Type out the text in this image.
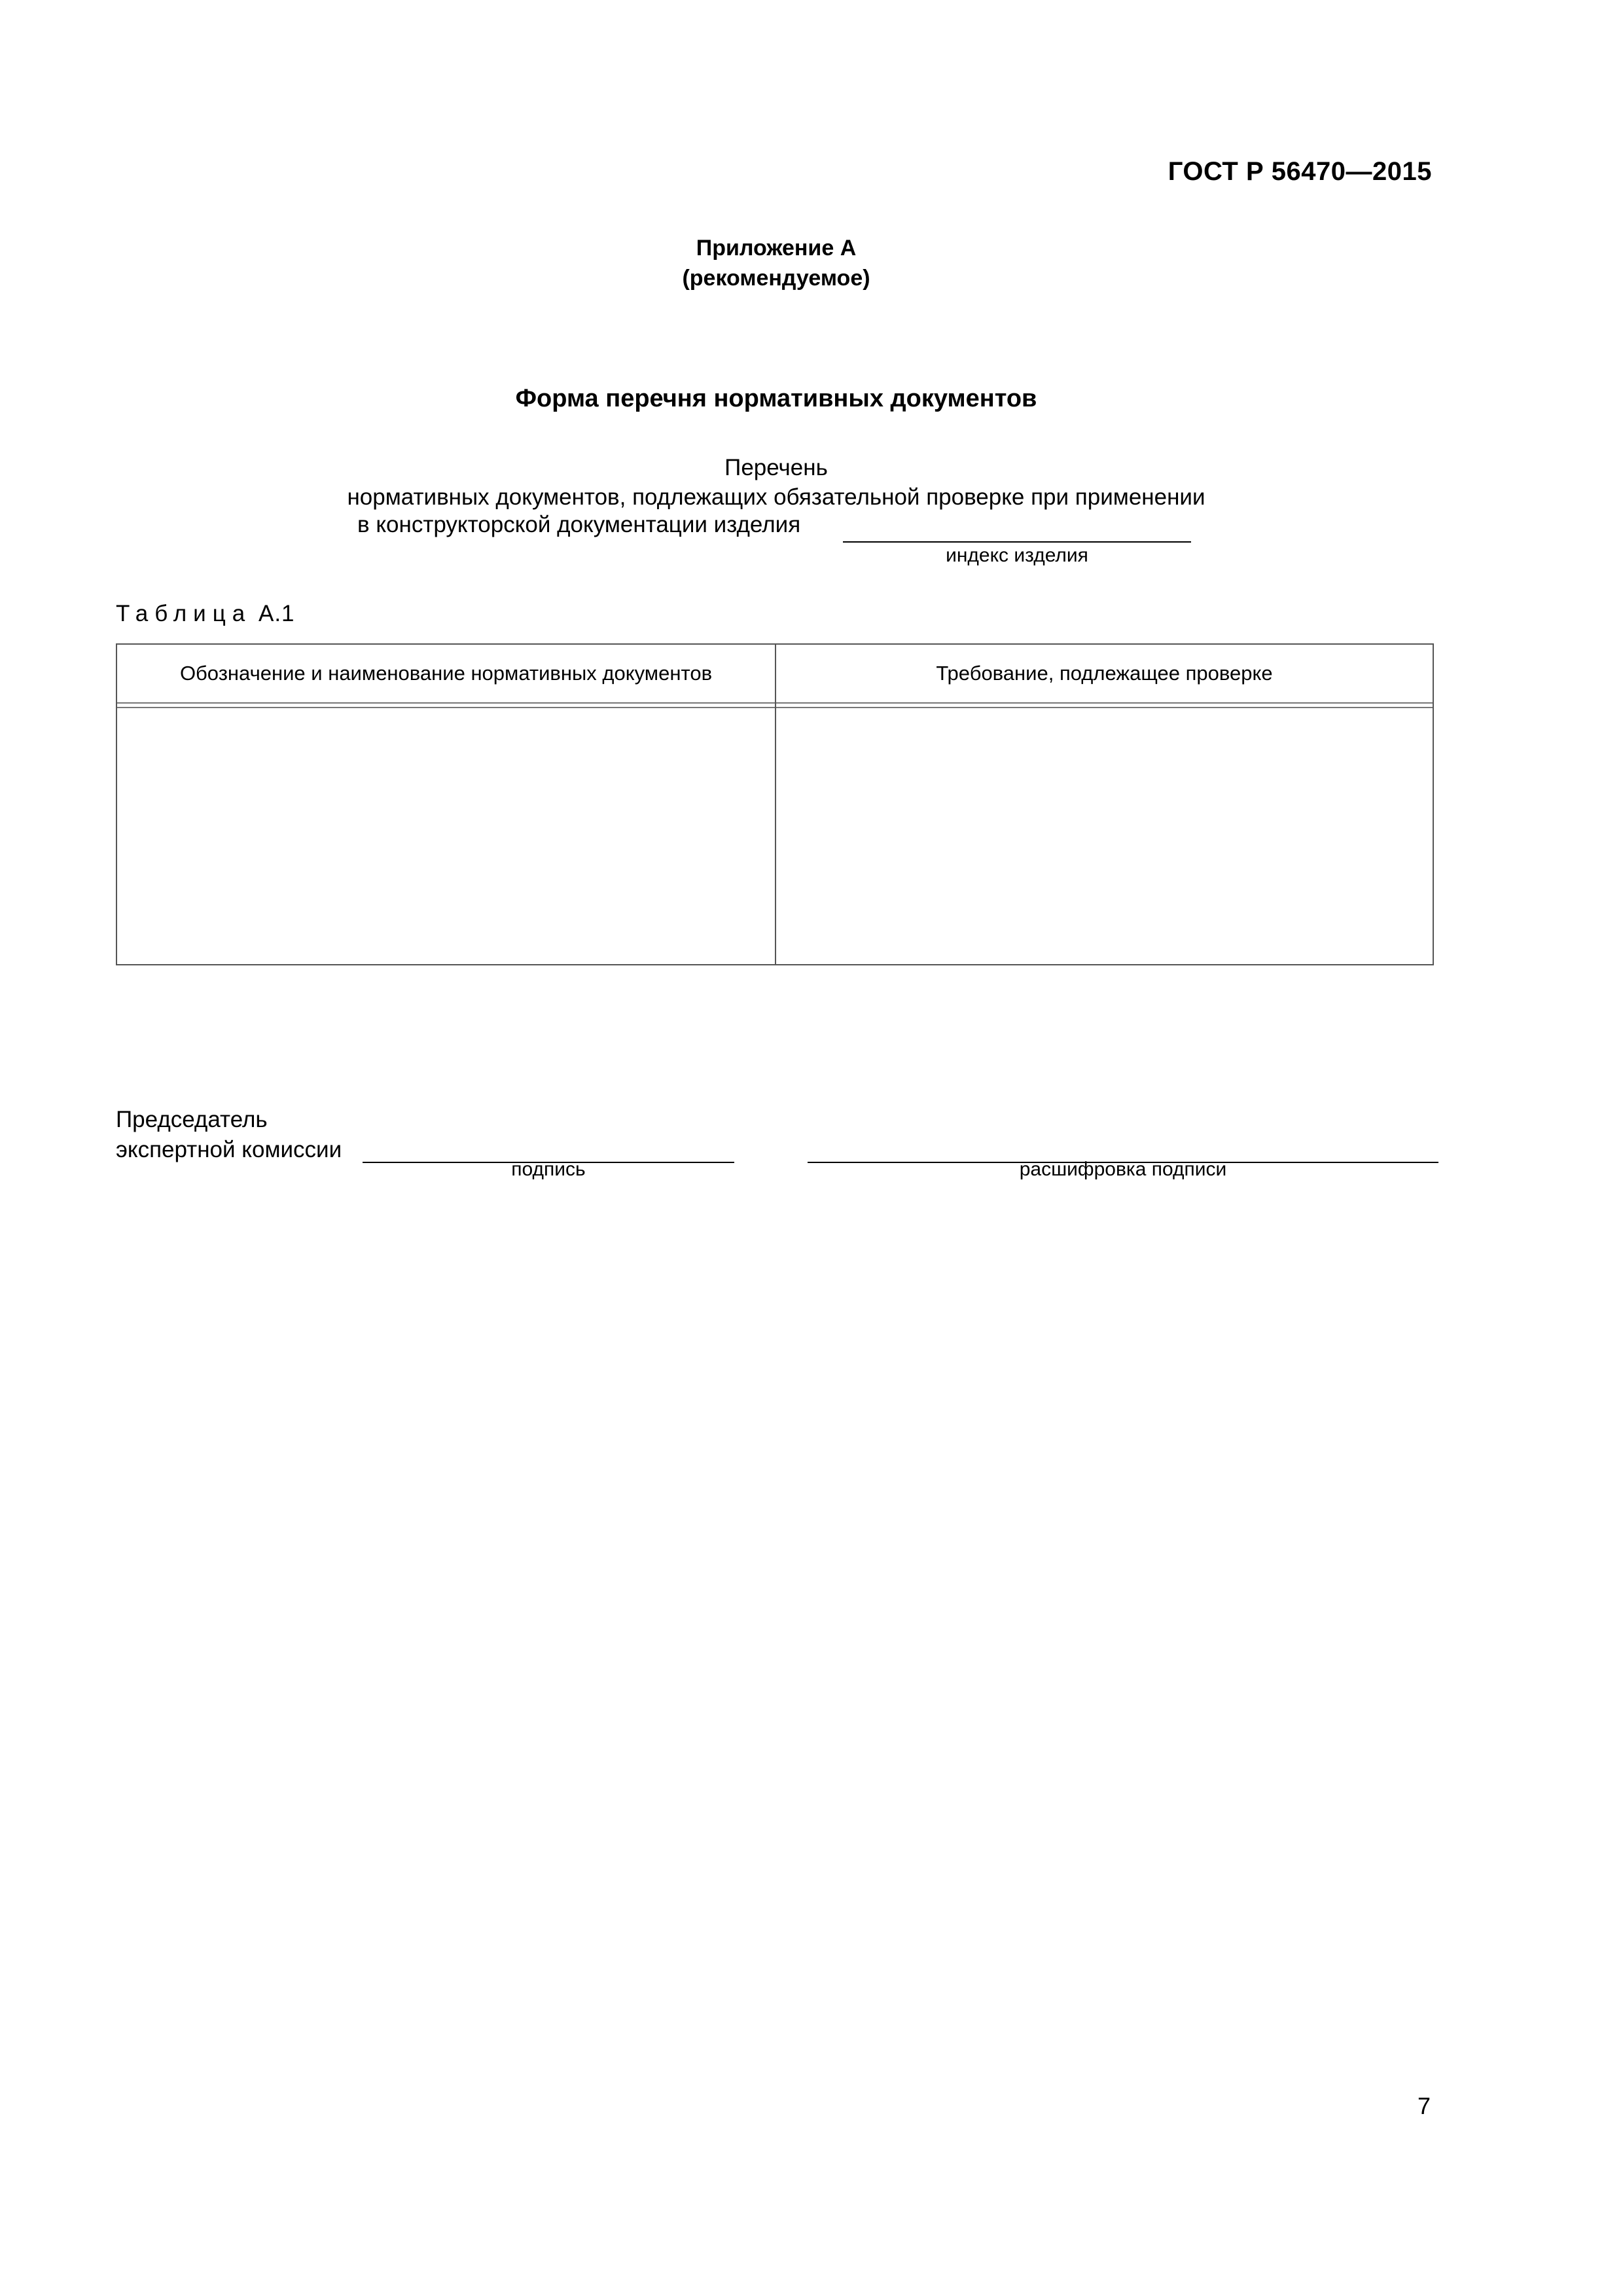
ГОСТ Р 56470—2015
Приложение А
(рекомендуемое)
Форма перечня нормативных документов
Перечень
нормативных документов, подлежащих обязательной проверке при применении
в конструкторской документации изделия
индекс изделия
Таблица А.1
Обозначение и наименование нормативных документов	Требование, подлежащее проверке
Председатель
экспертной комиссии
подпись	расшифровка подписи
7
